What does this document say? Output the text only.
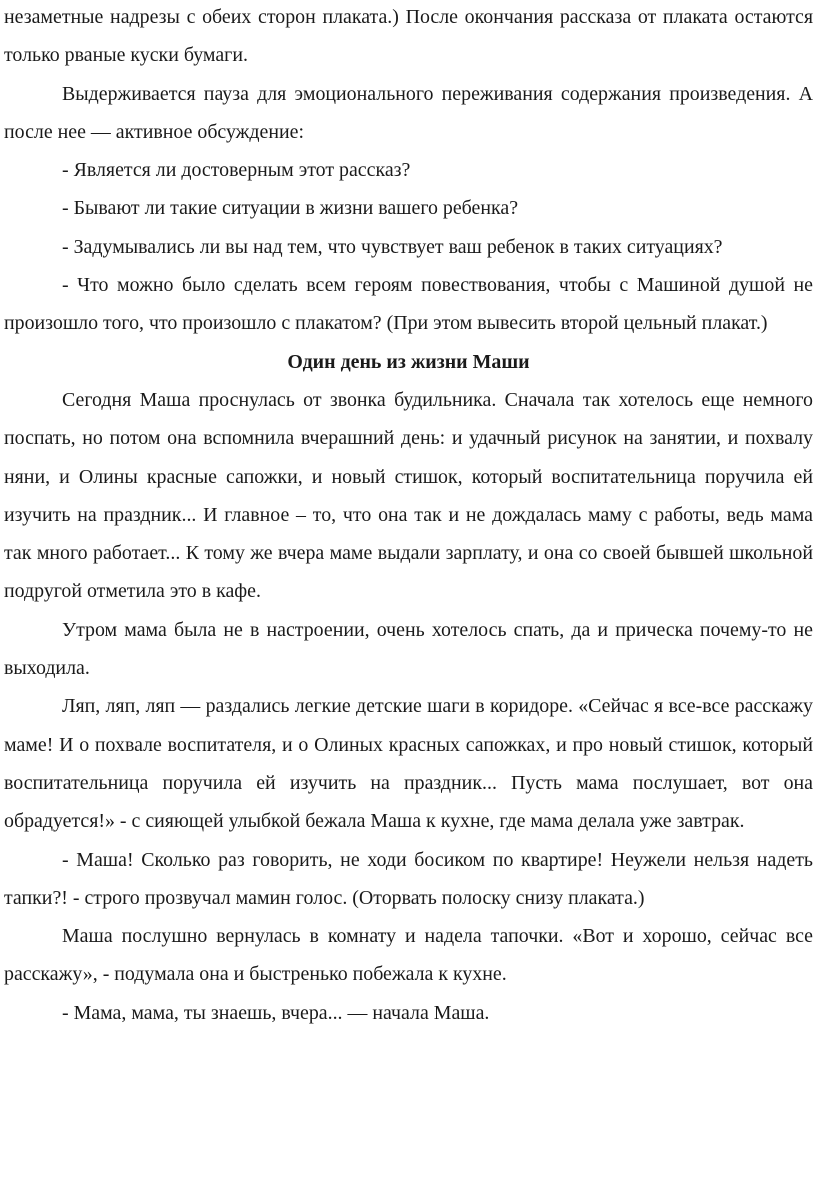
незаметные надрезы с обеих сторон плаката.) После окончания рассказа от плаката остаются только рваные куски бумаги.

Выдерживается пауза для эмоционального переживания содержания произведения. А после нее — активное обсуждение:

- Является ли достоверным этот рассказ?

- Бывают ли такие ситуации в жизни вашего ребенка?

- Задумывались ли вы над тем, что чувствует ваш ребенок в таких ситуациях?

- Что можно было сделать всем героям повествования, чтобы с Машиной душой не произошло того, что произошло с плакатом? (При этом вывесить второй цельный плакат.)

Один день из жизни Маши

Сегодня Маша проснулась от звонка будильника. Сначала так хотелось еще немного поспать, но потом она вспомнила вчерашний день: и удачный рисунок на занятии, и похвалу няни, и Олины красные сапожки, и новый стишок, который воспитательница поручила ей изучить на праздник... И главное – то, что она так и не дождалась маму с работы, ведь мама так много работает... К тому же вчера маме выдали зарплату, и она со своей бывшей школьной подругой отметила это в кафе.

Утром мама была не в настроении, очень хотелось спать, да и прическа почему-то не выходила.

Ляп, ляп, ляп — раздались легкие детские шаги в коридоре. «Сейчас я все-все расскажу маме! И о похвале воспитателя, и о Олиных красных сапожках, и про новый стишок, который воспитательница поручила ей изучить на праздник... Пусть мама послушает, вот она обрадуется!» - с сияющей улыбкой бежала Маша к кухне, где мама делала уже завтрак.

- Маша! Сколько раз говорить, не ходи босиком по квартире! Неужели нельзя надеть тапки?! - строго прозвучал мамин голос. (Оторвать полоску снизу плаката.)

Маша послушно вернулась в комнату и надела тапочки. «Вот и хорошо, сейчас все расскажу», - подумала она и быстренько побежала к кухне.

- Мама, мама, ты знаешь, вчера... — начала Маша.
